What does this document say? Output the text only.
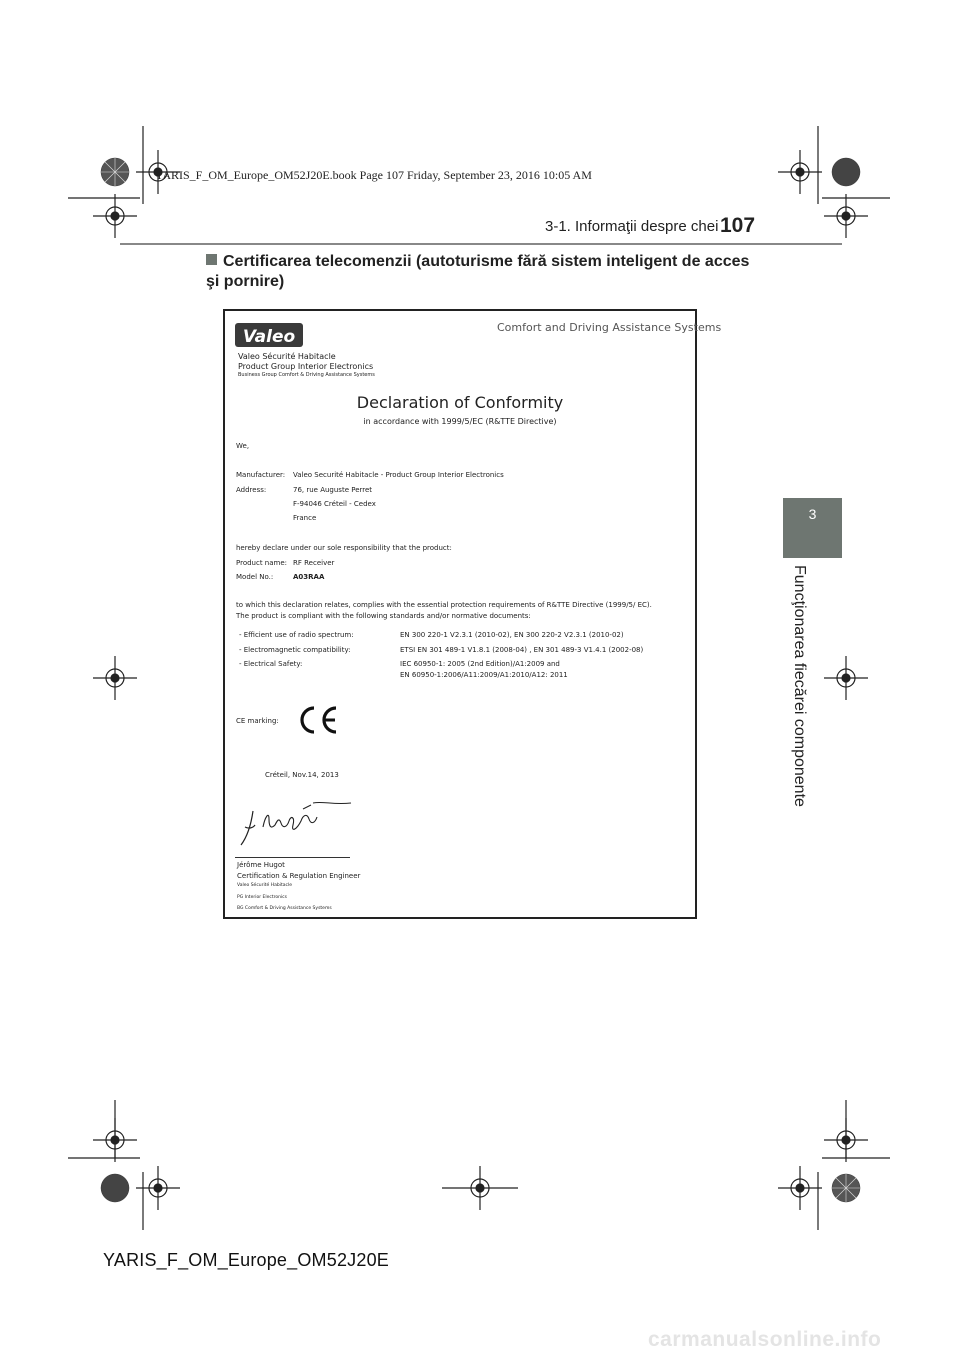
YARIS_F_OM_Europe_OM52J20E.book Page 107 Friday, September 23, 2016 10:05 AM
3-1. Informaţii despre chei 107
3
Funcţionarea fiecărei componente
Certificarea telecomenzii (autoturisme fără sistem inteligent de acces şi pornire)
Valeo	Comfort and Driving Assistance Systems
Valeo Sécurité Habitacle
Product Group Interior Electronics
Business Group Comfort & Driving Assistance Systems
Declaration of Conformity
in accordance with 1999/5/EC (R&TTE Directive)
We,
Manufacturer: Valeo Securité Habitacle - Product Group Interior Electronics
Address:	76, rue Auguste Perret
F-94046 Créteil - Cedex
France
hereby declare under our sole responsibility that the product:
Product name: RF Receiver
Model No.:	A03RAA
to which this declaration relates, complies with the essential protection requirements of R&TTE Directive (1999/5/ EC).
The product is compliant with the following standards and/or normative documents:
- Efficient use of radio spectrum:	EN 300 220-1 V2.3.1 (2010-02), EN 300 220-2 V2.3.1 (2010-02)
- Electromagnetic compatibility:	ETSI EN 301 489-1 V1.8.1 (2008-04) , EN 301 489-3 V1.4.1 (2002-08)
- Electrical Safety:	IEC 60950-1: 2005 (2nd Edition)/A1:2009 and
EN 60950-1:2006/A11:2009/A1:2010/A12: 2011
CE marking:
Créteil, Nov.14, 2013
Jérôme Hugot
Certification & Regulation Engineer
Valeo Sécurité Habitacle
PG Interior Electronics
BG Comfort & Driving Assistance Systems
YARIS_F_OM_Europe_OM52J20E
carmanualsonline.info
